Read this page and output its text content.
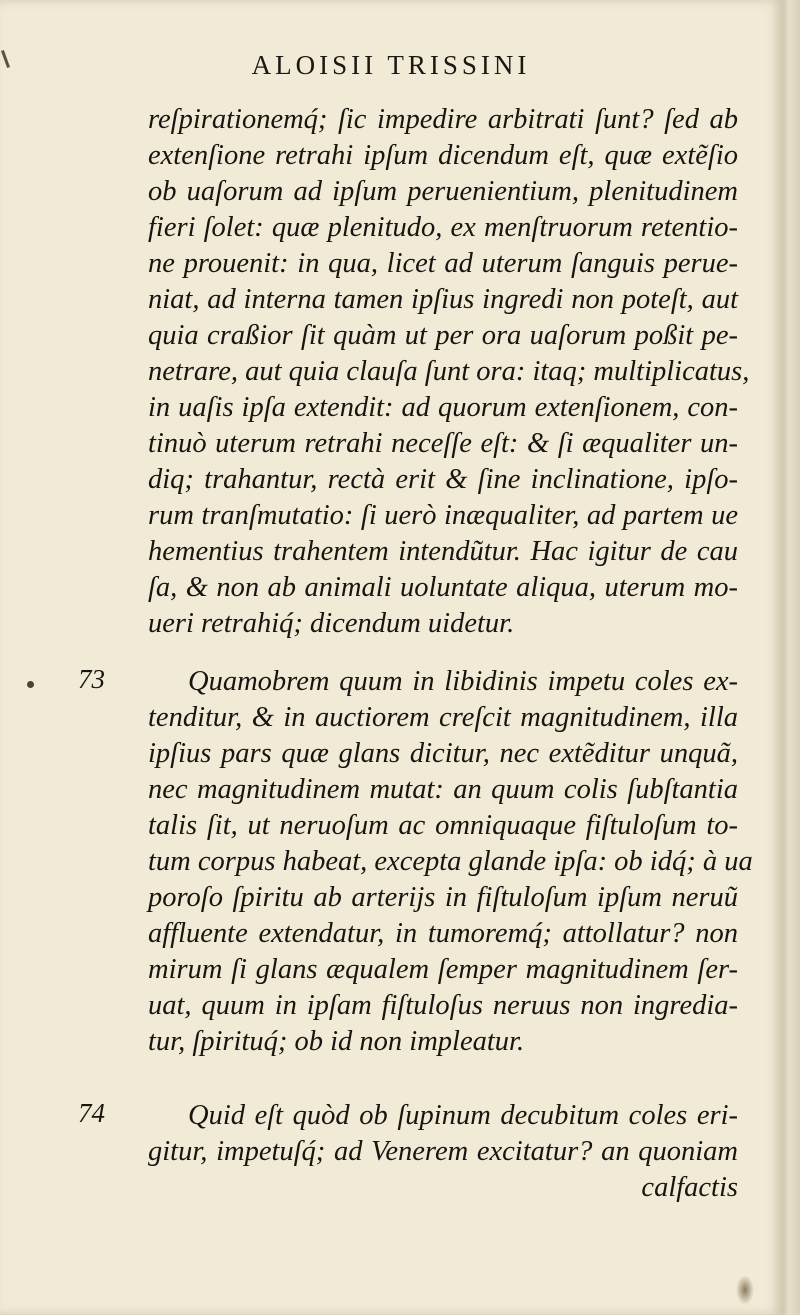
ALOISII TRISSINI
73
74
reſpirationemq́; ſic impedire arbitrati ſunt? ſed ab
extenſione retrahi ipſum dicendum eſt, quæ extẽſio
ob uaſorum ad ipſum peruenientium, plenitudinem
fieri ſolet: quæ plenitudo, ex menſtruorum retentio-
ne prouenit: in qua, licet ad uterum ſanguis perue-
niat, ad interna tamen ipſius ingredi non poteſt, aut
quia craßior ſit quàm ut per ora uaſorum poßit pe-
netrare, aut quia clauſa ſunt ora: itaq; multiplicatus,
in uaſis ipſa extendit: ad quorum extenſionem, con-
tinuò uterum retrahi neceſſe eſt: & ſi æqualiter un-
diq; trahantur, rectà erit & ſine inclinatione, ipſo-
rum tranſmutatio: ſi uerò inæqualiter, ad partem ue
hementius trahentem intendũtur. Hac igitur de cau
ſa, & non ab animali uoluntate aliqua, uterum mo-
ueri retrahiq́; dicendum uidetur.
Quamobrem quum in libidinis impetu coles ex-
tenditur, & in auctiorem creſcit magnitudinem, illa
ipſius pars quæ glans dicitur, nec extẽditur unquã,
nec magnitudinem mutat: an quum colis ſubſtantia
talis ſit, ut neruoſum ac omniquaque fiſtuloſum to-
tum corpus habeat, excepta glande ipſa: ob idq́; à ua
poroſo ſpiritu ab arterijs in fiſtuloſum ipſum neruũ
affluente extendatur, in tumoremq́; attollatur? non
mirum ſi glans æqualem ſemper magnitudinem ſer-
uat, quum in ipſam fiſtuloſus neruus non ingredia-
tur, ſpirituq́; ob id non impleatur.
Quid eſt quòd ob ſupinum decubitum coles eri-
gitur, impetuſq́; ad Venerem excitatur? an quoniam
calfactis
